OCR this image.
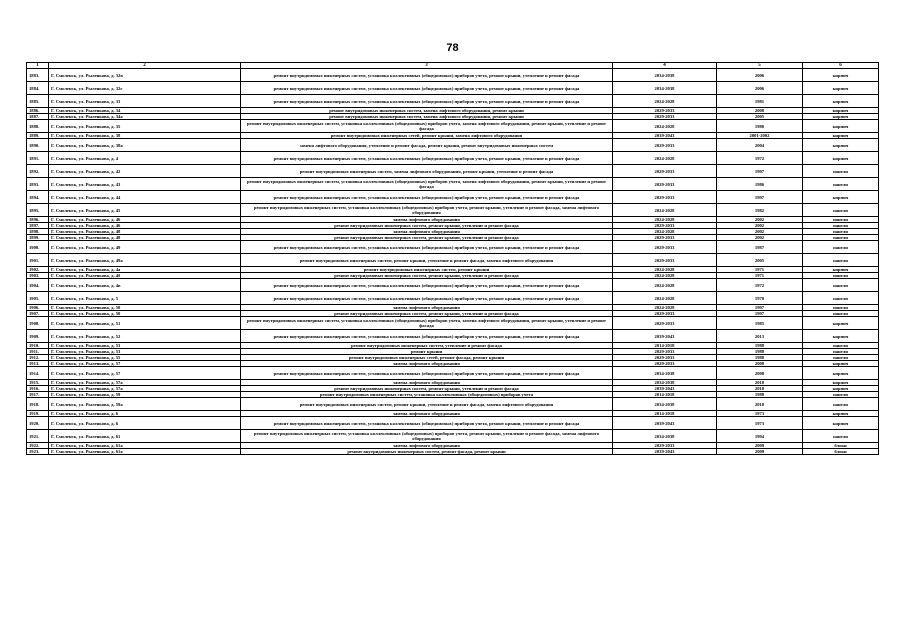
78
1	2	3	4	5	6
1883.	Г. Смоленск, ул. Рыленкова, д. 32в	ремонт внутридомовых инженерных систем, установка коллективных (общедомовых) приборов учета, ремонт крыши, утепление и ремонт фасада	2034-2038	2006	кирпич
1884.	Г. Смоленск, ул. Рыленкова, д. 32г	ремонт внутридомовых инженерных систем, установка коллективных (общедомовых) приборов учета, ремонт крыши, утепление и ремонт фасада	2034-2038	2006	кирпич
1885.	Г. Смоленск, ул. Рыленкова, д. 33	ремонт внутридомовых инженерных систем, установка коллективных (общедомовых) приборов учета, ремонт крыши, утепление и ремонт фасада	2024-2028	1981	кирпич
1886.	Г. Смоленск, ул. Рыленкова, д. 34	ремонт внутридомовых инженерных систем, замена лифтового оборудования, ремонт крыши	2029-2033	2008	кирпич
1887.	Г. Смоленск, ул. Рыленкова, д. 34а	ремонт внутридомовых инженерных систем, замена лифтового оборудования, ремонт крыши	2029-2033	2005	кирпич
1888.	Г. Смоленск, ул. Рыленкова, д. 35	ремонт внутридомовых инженерных систем, установка коллективных (общедомовых) приборов учета, замена лифтового оборудования, ремонт крыши, утепление и ремонт фасада	2024-2028	1980	кирпич
1889.	Г. Смоленск, ул. Рыленкова, д. 38	ремонт внутридомовых инженерных сетей, ремонт крыши, замена лифтового оборудования	2039-2043	2001-2002	кирпич
1890.	Г. Смоленск, ул. Рыленкова, д. 38а	замена лифтового оборудования, утепление и ремонт фасада, ремонт крыши, ремонт внутридомовых инженерных систем	2029-2033	2004	кирпич
1891.	Г. Смоленск, ул. Рыленкова, д. 4	ремонт внутридомовых инженерных систем, установка коллективных (общедомовых) приборов учета, ремонт крыши, утепление и ремонт фасада	2024-2028	1972	кирпич
1892.	Г. Смоленск, ул. Рыленкова, д. 42	ремонт внутридомовых инженерных систем, замена лифтового оборудования, ремонт крыши, утепление и ремонт фасада	2029-2033	1997	панели
1893.	Г. Смоленск, ул. Рыленкова, д. 43	ремонт внутридомовых инженерных систем, установка коллективных (общедомовых) приборов учета, замена лифтового оборудования, ремонт крыши, утепление и ремонт фасада	2029-2033	1986	панели
1894.	Г. Смоленск, ул. Рыленкова, д. 44	ремонт внутридомовых инженерных систем, установка коллективных (общедомовых) приборов учета, ремонт крыши, утепление и ремонт фасада	2029-2033	1997	кирпич
1895.	Г. Смоленск, ул. Рыленкова, д. 45	ремонт внутридомовых инженерных систем, установка коллективных (общедомовых) приборов учета, ремонт крыши, утепление и ремонт фасада, замена лифтового оборудования	2024-2028	1982	панели
1896.	Г. Смоленск, ул. Рыленкова, д. 46	замена лифтового оборудования	2024-2028	2002	панели
1897.	Г. Смоленск, ул. Рыленкова, д. 46	ремонт внутридомовых инженерных систем, ремонт крыши, утепление и ремонт фасада	2029-2033	2002	панели
1898.	Г. Смоленск, ул. Рыленкова, д. 48	замена лифтового оборудования	2024-2028	2002	панели
1899.	Г. Смоленск, ул. Рыленкова, д. 48	ремонт внутридомовых инженерных систем, ремонт крыши, утепление и ремонт фасада	2029-2033	2002	панели
1900.	Г. Смоленск, ул. Рыленкова, д. 49	ремонт внутридомовых инженерных систем, установка коллективных (общедомовых) приборов учета, ремонт крыши, утепление и ремонт фасада	2029-2033	1987	панели
1901.	Г. Смоленск, ул. Рыленкова, д. 49а	ремонт внутридомовых инженерных систем, ремонт крыши, утепление и ремонт фасада, замена лифтового оборудования	2029-2033	2005	панели
1902.	Г. Смоленск, ул. Рыленкова, д. 4а	ремонт внутридомовых инженерных систем, ремонт крыши	2024-2028	1971	кирпич
1903.	Г. Смоленск, ул. Рыленкова, д. 4б	ремонт внутридомовых инженерных систем, ремонт крыши, утепление и ремонт фасада	2024-2028	1971	панели
1904.	Г. Смоленск, ул. Рыленкова, д. 4в	ремонт внутридомовых инженерных систем, установка коллективных (общедомовых) приборов учета, ремонт крыши, утепление и ремонт фасада	2024-2028	1972	панели
1905.	Г. Смоленск, ул. Рыленкова, д. 5	ремонт внутридомовых инженерных систем, установка коллективных (общедомовых) приборов учета, ремонт крыши, утепление и ремонт фасада	2024-2028	1970	панели
1906.	Г. Смоленск, ул. Рыленкова, д. 50	замена лифтового оборудования	2024-2028	1997	панели
1907.	Г. Смоленск, ул. Рыленкова, д. 50	ремонт внутридомовых инженерных систем, ремонт крыши, утепление и ремонт фасада	2029-2033	1997	панели
1908.	Г. Смоленск, ул. Рыленкова, д. 51	ремонт внутридомовых инженерных систем, установка коллективных (общедомовых) приборов учета, замена лифтового оборудования, ремонт крыши, утепление и ремонт фасада	2029-2033	1985	кирпич
1909.	Г. Смоленск, ул. Рыленкова, д. 52	ремонт внутридомовых инженерных систем, установка коллективных (общедомовых) приборов учета, ремонт крыши, утепление и ремонт фасада	2039-2043	2013	кирпич
1910.	Г. Смоленск, ул. Рыленкова, д. 53	ремонт внутридомовых инженерных систем, утепление и ремонт фасада	2014-2018	1988	панели
1911.	Г. Смоленск, ул. Рыленкова, д. 53	ремонт крыши	2029-2033	1988	панели
1912.	Г. Смоленск, ул. Рыленкова, д. 55	ремонт внутридомовых инженерных сетей, ремонт фасада, ремонт крыши	2029-2033	1988	панели
1913.	Г. Смоленск, ул. Рыленкова, д. 57	замена лифтового оборудования	2029-2033	2008	кирпич
1914.	Г. Смоленск, ул. Рыленкова, д. 57	ремонт внутридомовых инженерных систем, установка коллективных (общедомовых) приборов учета, ремонт крыши, утепление и ремонт фасада	2034-2038	2008	кирпич
1915.	Г. Смоленск, ул. Рыленкова, д. 57а	замена лифтового оборудования	2034-2038	2010	кирпич
1916.	Г. Смоленск, ул. Рыленкова, д. 57а	ремонт внутридомовых инженерных систем, ремонт крыши, утепление и ремонт фасада	2039-2043	2010	кирпич
1917.	Г. Смоленск, ул. Рыленкова, д. 59	ремонт внутридомовых инженерных систем, установка коллективных (общедомовых) приборов учета	2014-2018	1988	панели
1918.	Г. Смоленск, ул. Рыленкова, д. 59а	ремонт внутридомовых инженерных систем, ремонт крыши, утепление и ремонт фасада, замена лифтового оборудования	2034-2038	2010	панели
1919.	Г. Смоленск, ул. Рыленкова, д. 6	замена лифтового оборудования	2014-2018	1973	кирпич
1920.	Г. Смоленск, ул. Рыленкова, д. 6	ремонт внутридомовых инженерных систем, установка коллективных (общедомовых) приборов учета, ремонт крыши, утепление и ремонт фасада	2039-2043	1973	кирпич
1921.	Г. Смоленск, ул. Рыленкова, д. 61	ремонт внутридомовых инженерных систем, установка коллективных (общедомовых) приборов учета, ремонт крыши, утепление и ремонт фасада, замена лифтового оборудования	2034-2038	1994	панели
1922.	Г. Смоленск, ул. Рыленкова, д. 61а	замена лифтового оборудования	2029-2033	2009	блоки
1923.	Г. Смоленск, ул. Рыленкова, д. 61а	ремонт внутридомовых инженерных систем, ремонт фасада, ремонт крыши	2039-2043	2009	блоки
